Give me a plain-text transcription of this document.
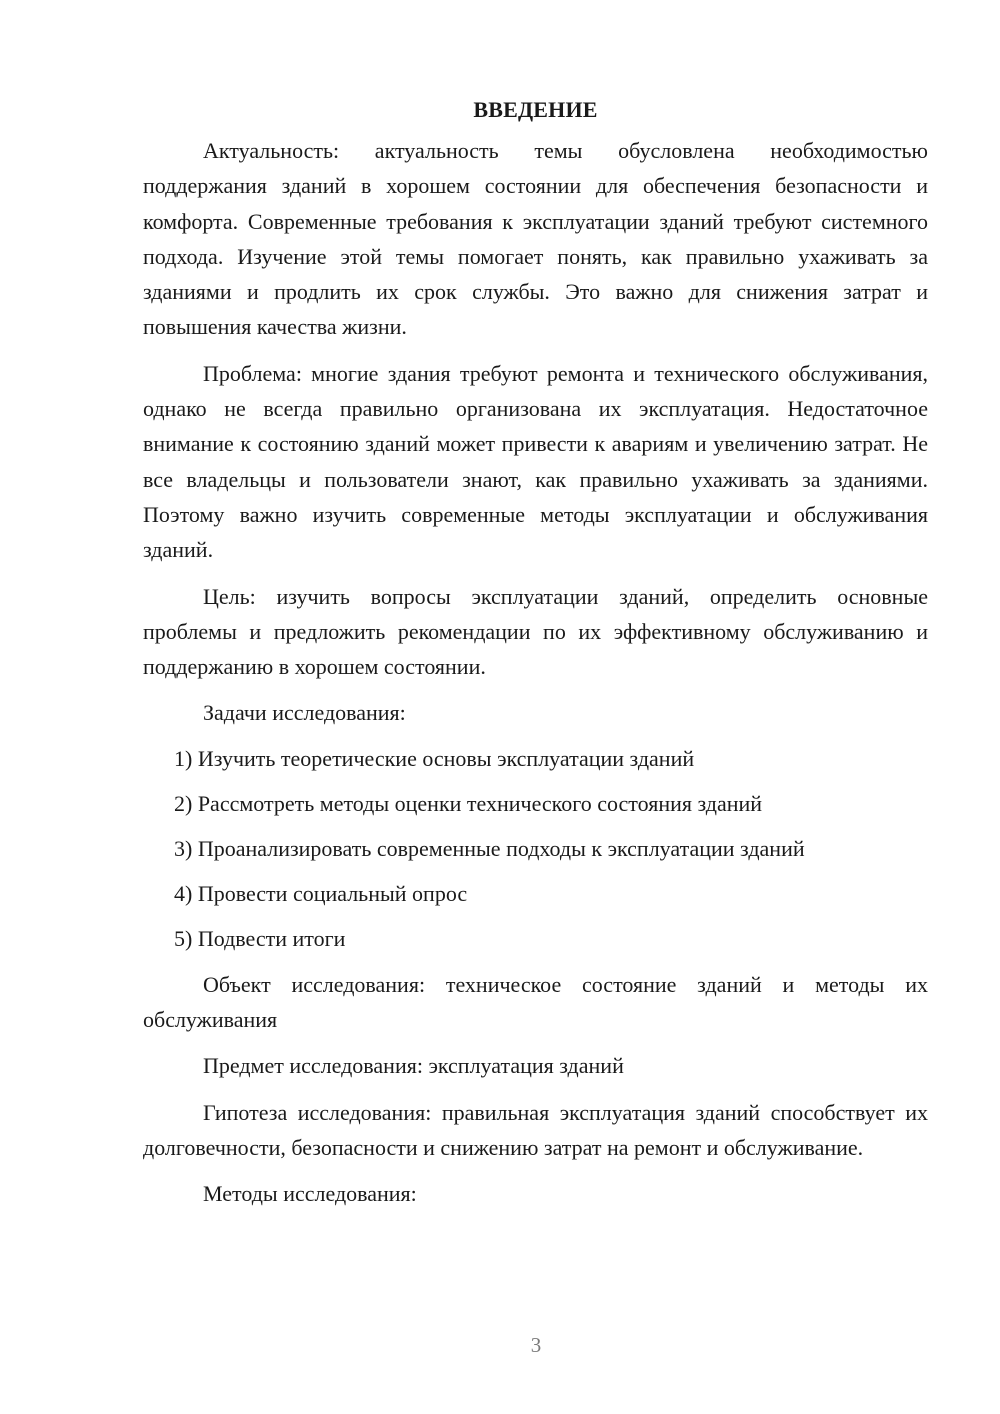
ВВЕДЕНИЕ

Актуальность: актуальность темы обусловлена необходимостью поддержания зданий в хорошем состоянии для обеспечения безопасности и комфорта. Современные требования к эксплуатации зданий требуют системного подхода. Изучение этой темы помогает понять, как правильно ухаживать за зданиями и продлить их срок службы. Это важно для снижения затрат и повышения качества жизни.

Проблема: многие здания требуют ремонта и технического обслуживания, однако не всегда правильно организована их эксплуатация. Недостаточное внимание к состоянию зданий может привести к авариям и увеличению затрат. Не все владельцы и пользователи знают, как правильно ухаживать за зданиями. Поэтому важно изучить современные методы эксплуатации и обслуживания зданий.

Цель: изучить вопросы эксплуатации зданий, определить основные проблемы и предложить рекомендации по их эффективному обслуживанию и поддержанию в хорошем состоянии.

Задачи исследования:

1) Изучить теоретические основы эксплуатации зданий
2) Рассмотреть методы оценки технического состояния зданий
3) Проанализировать современные подходы к эксплуатации зданий
4) Провести социальный опрос
5) Подвести итоги

Объект исследования: техническое состояние зданий и методы их обслуживания

Предмет исследования: эксплуатация зданий

Гипотеза исследования: правильная эксплуатация зданий способствует их долговечности, безопасности и снижению затрат на ремонт и обслуживание.

Методы исследования:

3
